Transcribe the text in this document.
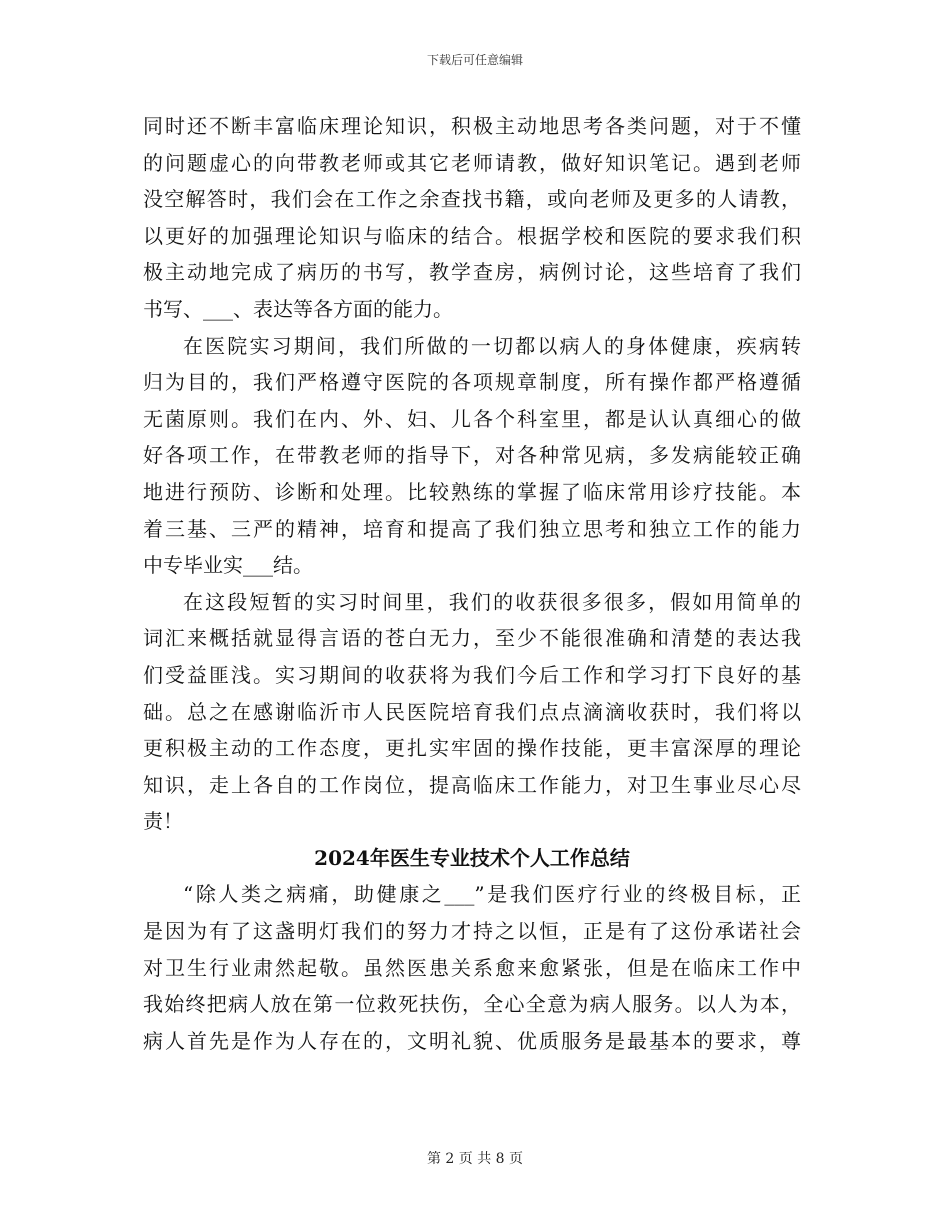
下载后可任意编辑
同时还不断丰富临床理论知识，积极主动地思考各类问题，对于不懂
的问题虚心的向带教老师或其它老师请教，做好知识笔记。遇到老师
没空解答时，我们会在工作之余查找书籍，或向老师及更多的人请教，
以更好的加强理论知识与临床的结合。根据学校和医院的要求我们积
极主动地完成了病历的书写，教学查房，病例讨论，这些培育了我们
书写、___、表达等各方面的能力。
在医院实习期间，我们所做的一切都以病人的身体健康，疾病转
归为目的，我们严格遵守医院的各项规章制度，所有操作都严格遵循
无菌原则。我们在内、外、妇、儿各个科室里，都是认认真细心的做
好各项工作，在带教老师的指导下，对各种常见病，多发病能较正确
地进行预防、诊断和处理。比较熟练的掌握了临床常用诊疗技能。本
着三基、三严的精神，培育和提高了我们独立思考和独立工作的能力
中专毕业实___结。
在这段短暂的实习时间里，我们的收获很多很多，假如用简单的
词汇来概括就显得言语的苍白无力，至少不能很准确和清楚的表达我
们受益匪浅。实习期间的收获将为我们今后工作和学习打下良好的基
础。总之在感谢临沂市人民医院培育我们点点滴滴收获时，我们将以
更积极主动的工作态度，更扎实牢固的操作技能，更丰富深厚的理论
知识，走上各自的工作岗位，提高临床工作能力，对卫生事业尽心尽
责！
2024年医生专业技术个人工作总结
“除人类之病痛，助健康之___”是我们医疗行业的终极目标，正
是因为有了这盏明灯我们的努力才持之以恒，正是有了这份承诺社会
对卫生行业肃然起敬。虽然医患关系愈来愈紧张，但是在临床工作中
我始终把病人放在第一位救死扶伤，全心全意为病人服务。以人为本，
病人首先是作为人存在的，文明礼貌、优质服务是最基本的要求，尊
第 2 页 共 8 页
